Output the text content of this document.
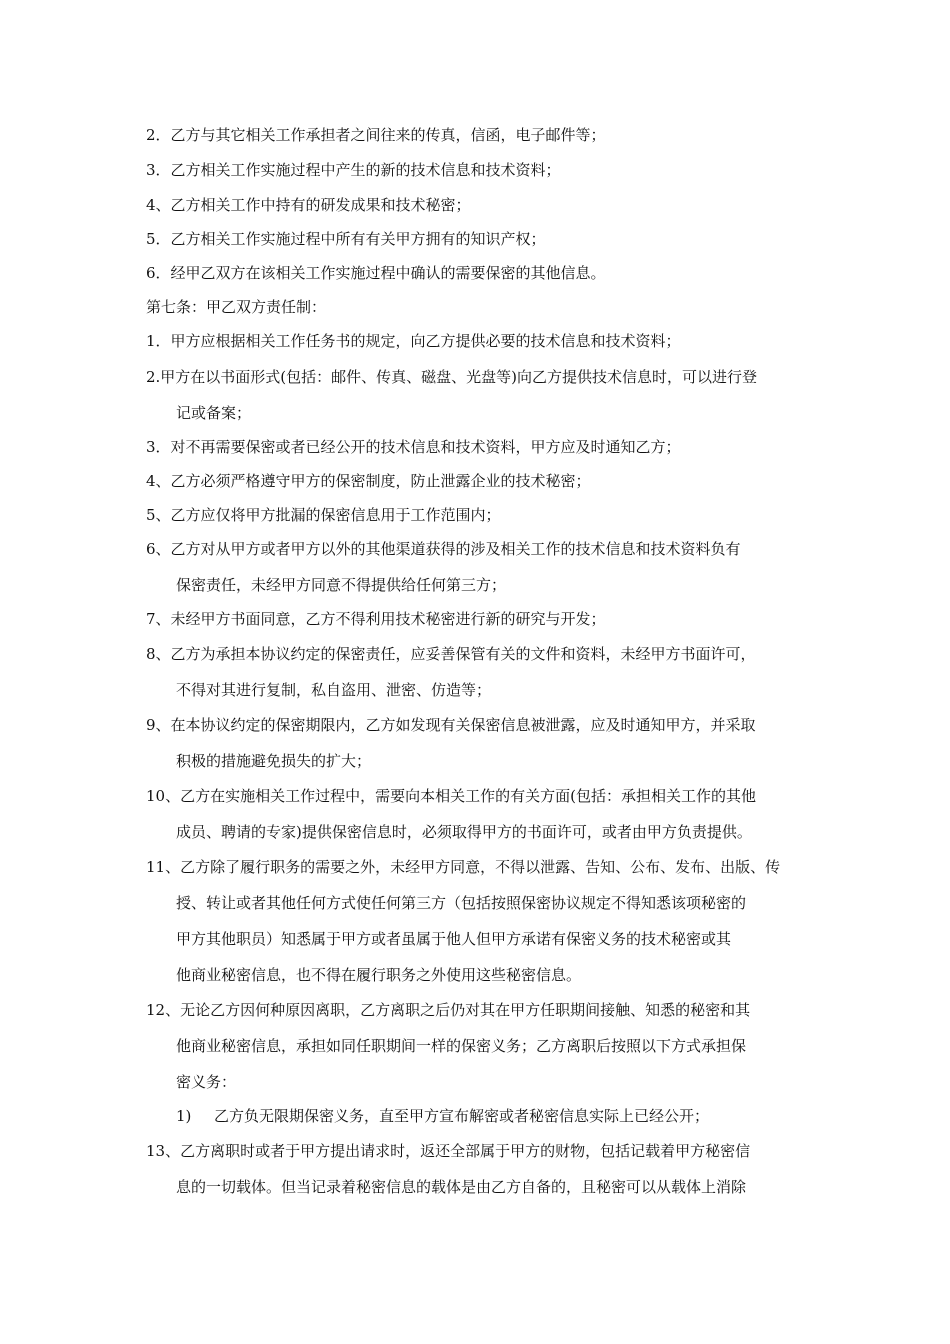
2．乙方与其它相关工作承担者之间往来的传真，信函，电子邮件等；
3．乙方相关工作实施过程中产生的新的技术信息和技术资料；
4、乙方相关工作中持有的研发成果和技术秘密；
5．乙方相关工作实施过程中所有有关甲方拥有的知识产权；
6．经甲乙双方在该相关工作实施过程中确认的需要保密的其他信息。
第七条：甲乙双方责任制：
1．甲方应根据相关工作任务书的规定，向乙方提供必要的技术信息和技术资料；
2.甲方在以书面形式(包括：邮件、传真、磁盘、光盘等)向乙方提供技术信息时，可以进行登
记或备案；
3．对不再需要保密或者已经公开的技术信息和技术资料，甲方应及时通知乙方；
4、乙方必须严格遵守甲方的保密制度，防止泄露企业的技术秘密；
5、乙方应仅将甲方批漏的保密信息用于工作范围内；
6、乙方对从甲方或者甲方以外的其他渠道获得的涉及相关工作的技术信息和技术资料负有
保密责任，未经甲方同意不得提供给任何第三方；
7、未经甲方书面同意，乙方不得利用技术秘密进行新的研究与开发；
8、乙方为承担本协议约定的保密责任，应妥善保管有关的文件和资料，未经甲方书面许可，
不得对其进行复制，私自盗用、泄密、仿造等；
9、在本协议约定的保密期限内，乙方如发现有关保密信息被泄露，应及时通知甲方，并采取
积极的措施避免损失的扩大；
10、乙方在实施相关工作过程中，需要向本相关工作的有关方面(包括：承担相关工作的其他
成员、聘请的专家)提供保密信息时，必须取得甲方的书面许可，或者由甲方负责提供。
11、乙方除了履行职务的需要之外，未经甲方同意，不得以泄露、告知、公布、发布、出版、传
授、转让或者其他任何方式使任何第三方（包括按照保密协议规定不得知悉该项秘密的
甲方其他职员）知悉属于甲方或者虽属于他人但甲方承诺有保密义务的技术秘密或其
他商业秘密信息，也不得在履行职务之外使用这些秘密信息。
12、无论乙方因何种原因离职，乙方离职之后仍对其在甲方任职期间接触、知悉的秘密和其
他商业秘密信息，承担如同任职期间一样的保密义务；乙方离职后按照以下方式承担保
密义务：
1) 乙方负无限期保密义务，直至甲方宣布解密或者秘密信息实际上已经公开；
13、乙方离职时或者于甲方提出请求时，返还全部属于甲方的财物，包括记载着甲方秘密信
息的一切载体。但当记录着秘密信息的载体是由乙方自备的，且秘密可以从载体上消除
